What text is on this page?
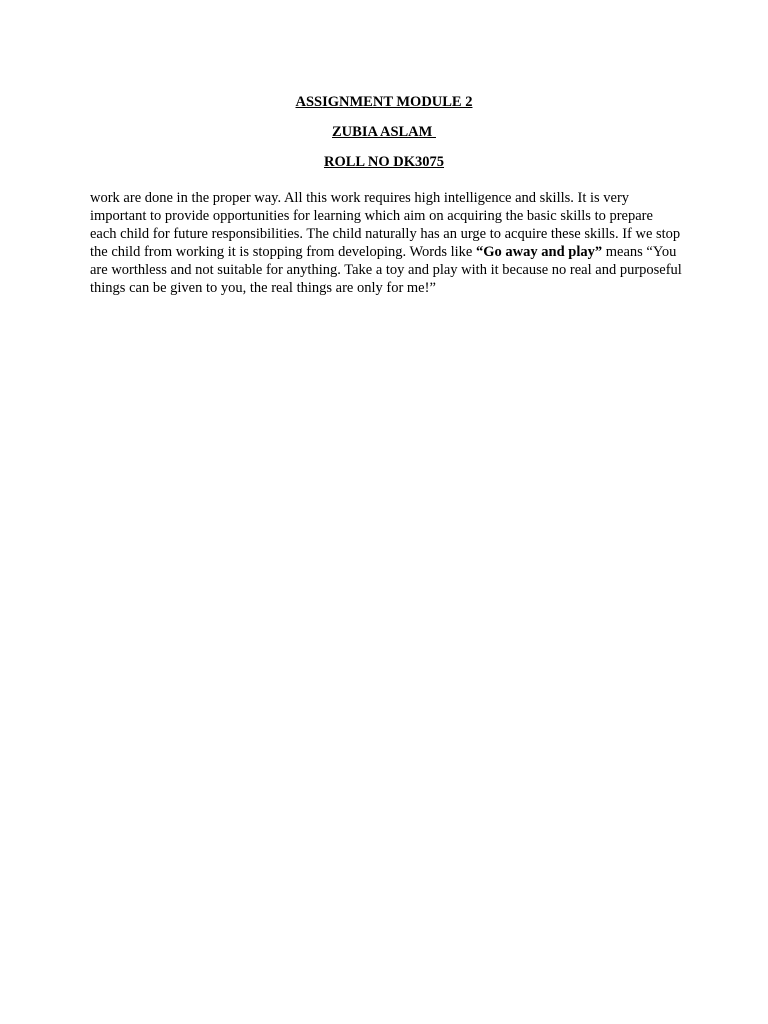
ASSIGNMENT MODULE 2

ZUBIA ASLAM

ROLL NO DK3075

work are done in the proper way. All this work requires high intelligence and skills. It is very important to provide opportunities for learning which aim on acquiring the basic skills to prepare each child for future responsibilities. The child naturally has an urge to acquire these skills. If we stop the child from working it is stopping from developing. Words like “Go away and play” means “You are worthless and not suitable for anything. Take a toy and play with it because no real and purposeful things can be given to you, the real things are only for me!”
